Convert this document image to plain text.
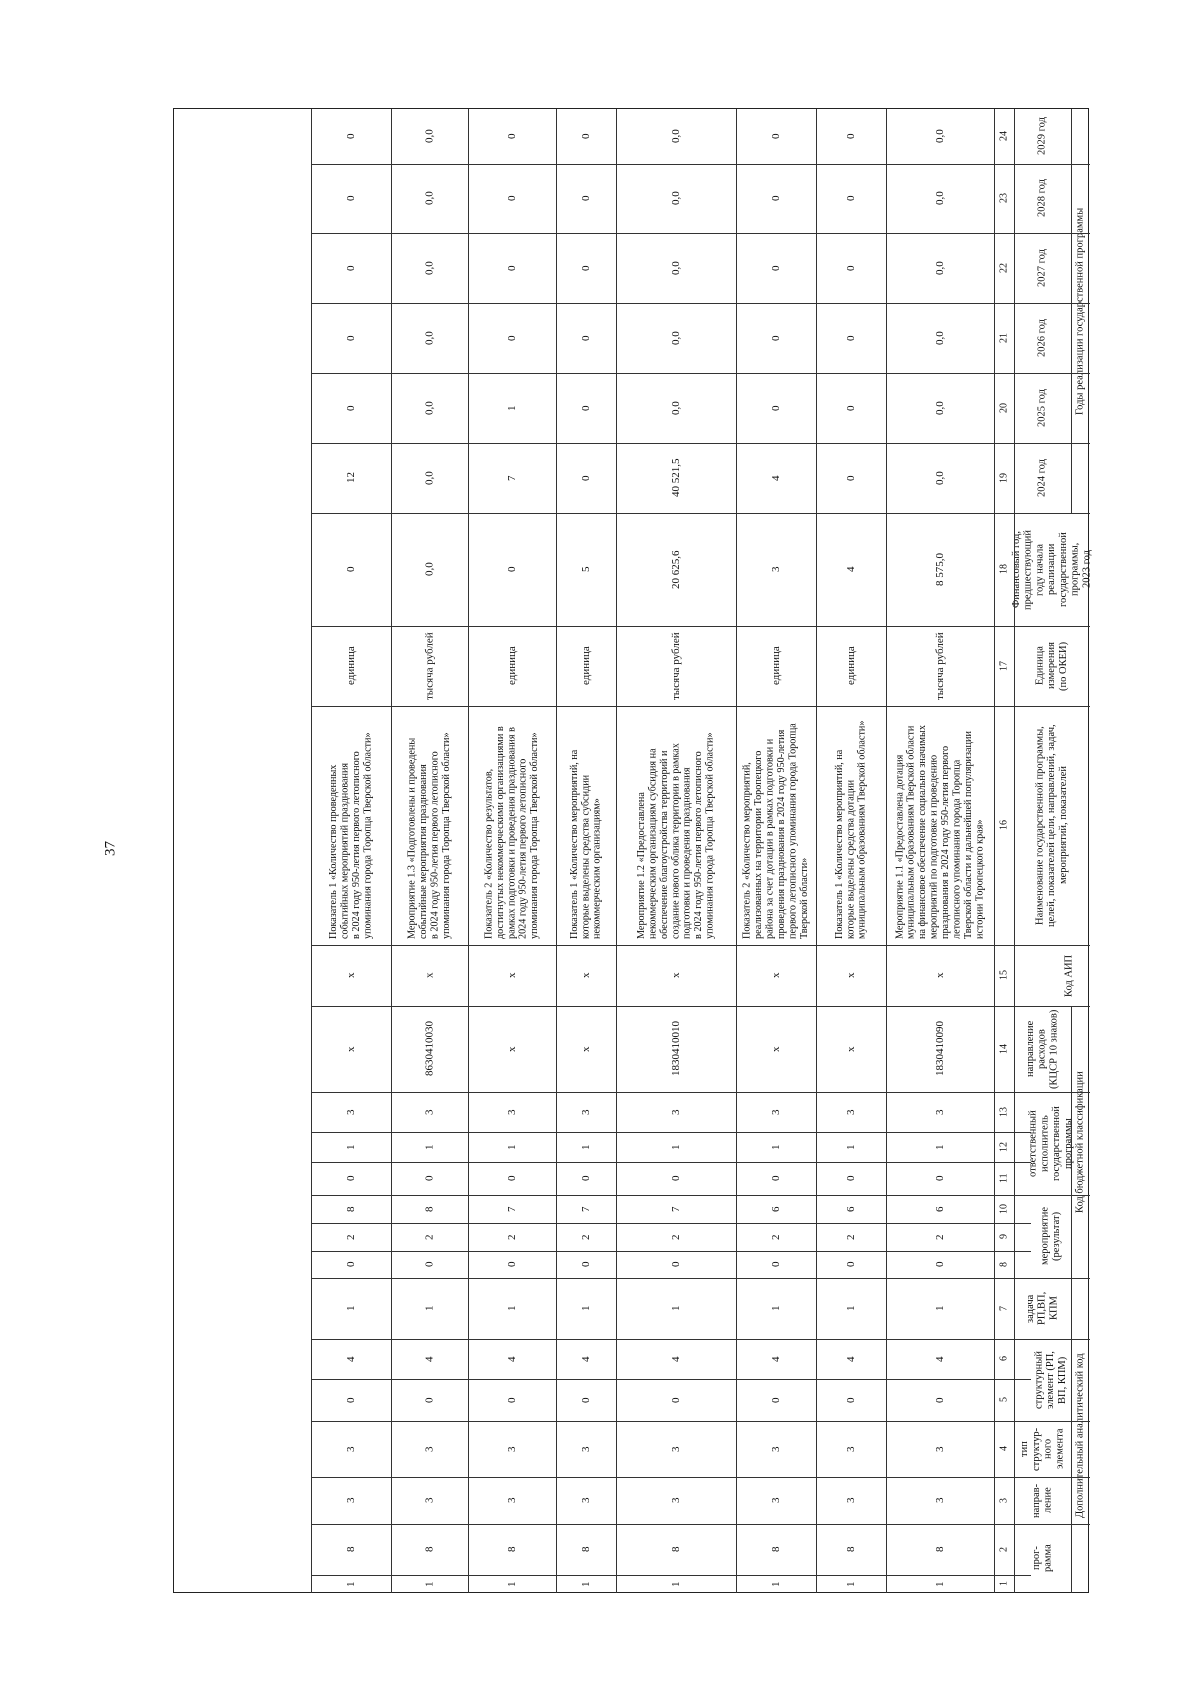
37
Дополнительный аналитический код
Код бюджетной классификации
Код АИП
Наименование государственной программы,
целей, показателей цели, направлений, задач,
мероприятий, показателей
Единица
измерения
(по ОКЕИ)
Финансовый год,
предшествующий
году начала
реализации
государственной
программы,
2023 год
Годы реализации государственной программы
прог-
рамма
направ-
ление
тип
структур-
ного
элемента
структурный
элемент (РП,
ВП, КПМ)
задача
РП,ВП,
КПМ
мероприятие
(результат)
ответственный
исполнитель
государственной
программы
направление
расходов
(КЦСР 10 знаков)
2024 год
2025 год
2026 год
2027 год
2028 год
2029 год
1
2
3
4
5
6
7
8
9
10
11
12
13
14
15
16
17
18
19
20
21
22
23
24
1
8
3
3
0
4
1
0
2
6
0
1
3
1830410090
x
Мероприятие 1.1 «Предоставлена дотация
муниципальным образованиям Тверской области
на финансовое обеспечение социально значимых
мероприятий по подготовке и проведению
празднования в 2024 году 950-летия первого
летописного упоминания города Торопца
Тверской области и дальнейшей популяризации
истории Торопецкого края»
тысяча рублей
8 575,0
0,0
0,0
0,0
0,0
0,0
0,0
1
8
3
3
0
4
1
0
2
6
0
1
3
x
x
Показатель 1 «Количество мероприятий, на
которые выделены средства дотации
муниципальным образованиям Тверской области»
единица
4
0
0
0
0
0
0
1
8
3
3
0
4
1
0
2
6
0
1
3
x
x
Показатель 2 «Количество мероприятий,
реализованных на территории Торопецкого
района за счет дотации в рамках подготовки и
проведения празднования в 2024 году 950-летия
первого летописного упоминания города Торопца
Тверской области»
единица
3
4
0
0
0
0
0
1
8
3
3
0
4
1
0
2
7
0
1
3
1830410010
x
Мероприятие 1.2 «Предоставлена
некоммерческим организациям субсидия на
обеспечение благоустройства территорий и
создание нового облика территории в рамках
подготовки и проведения празднования
в 2024 году 950-летия первого летописного
упоминания города Торопца Тверской области»
тысяча рублей
20 625,6
40 521,5
0,0
0,0
0,0
0,0
0,0
1
8
3
3
0
4
1
0
2
7
0
1
3
x
x
Показатель 1 «Количество мероприятий, на
которые выделены средства субсидии
некоммерческим организациям»
единица
5
0
0
0
0
0
0
1
8
3
3
0
4
1
0
2
7
0
1
3
x
x
Показатель 2 «Количество результатов,
достигнутых некоммерческими организациями в
рамках подготовки и проведения празднования в
2024 году 950-летия первого летописного
упоминания города Торопца Тверской области»
единица
0
7
1
0
0
0
0
1
8
3
3
0
4
1
0
2
8
0
1
3
8630410030
x
Мероприятие 1.3 «Подготовлены и проведены
событийные мероприятия празднования
в 2024 году 950-летия первого летописного
упоминания города Торопца Тверской области»
тысяча рублей
0,0
0,0
0,0
0,0
0,0
0,0
0,0
1
8
3
3
0
4
1
0
2
8
0
1
3
x
x
Показатель 1 «Количество проведенных
событийных мероприятий празднования
в 2024 году 950-летия первого летописного
упоминания города Торопца Тверской области»
единица
0
12
0
0
0
0
0
